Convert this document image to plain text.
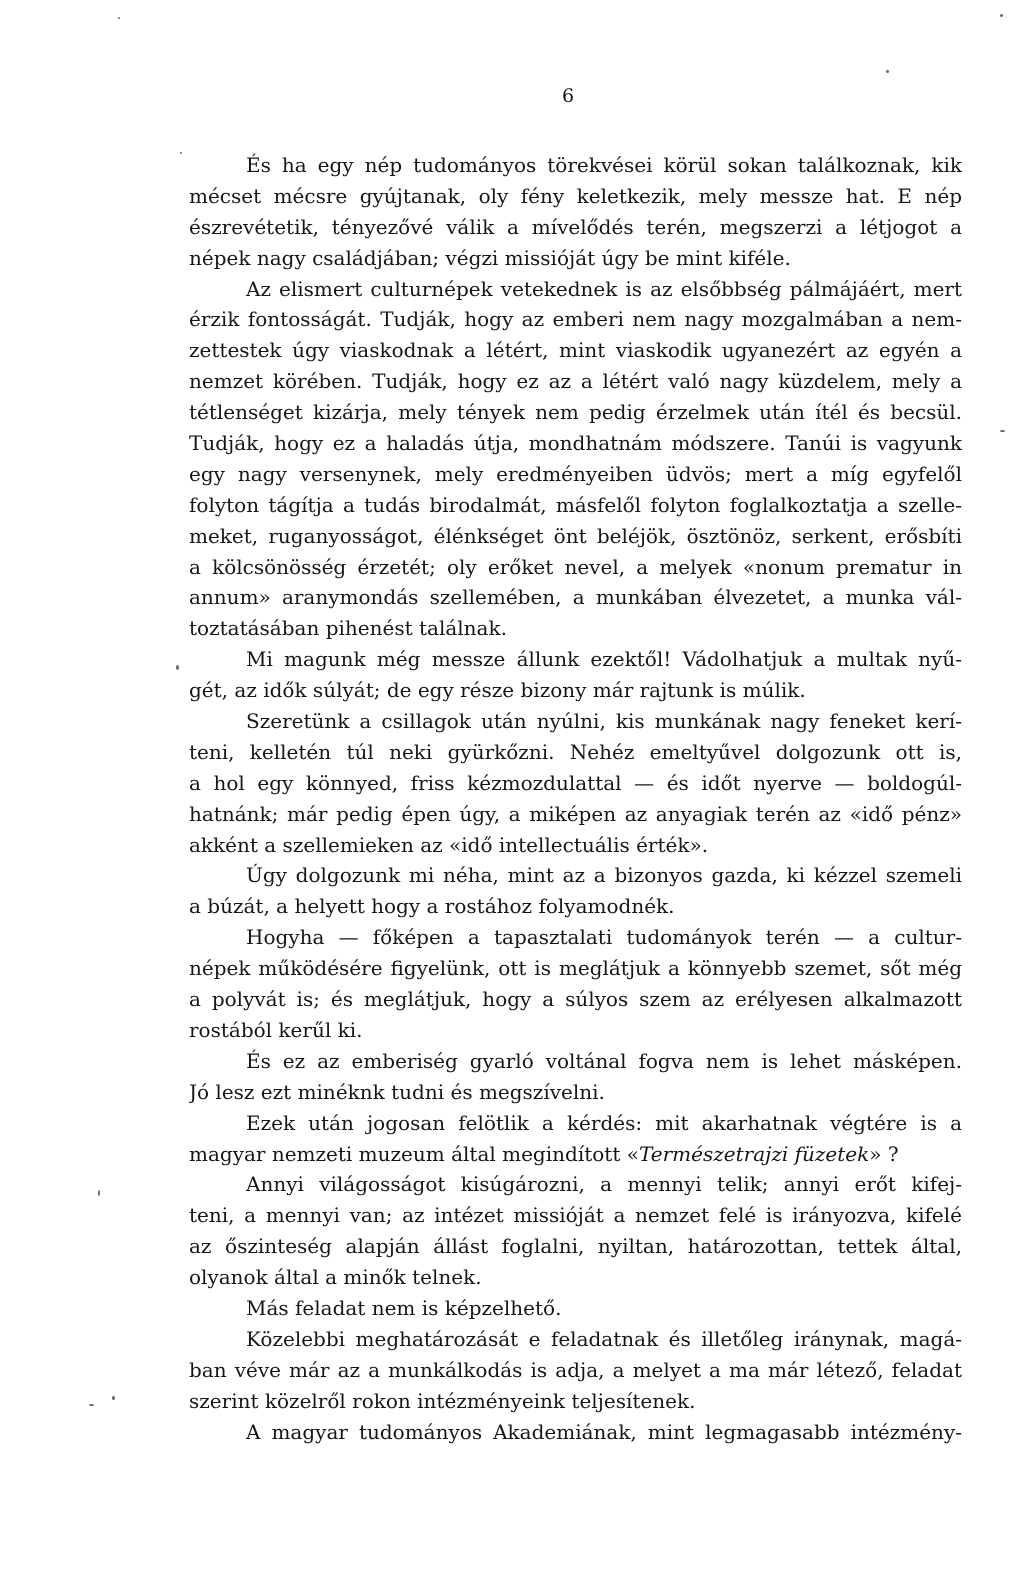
6
És ha egy nép tudományos törekvései körül sokan találkoznak, kik
mécset mécsre gyújtanak, oly fény keletkezik, mely messze hat. E nép
észrevétetik, tényezővé válik a mívelődés terén, megszerzi a létjogot a
népek nagy családjában; végzi missióját úgy be mint kiféle.
Az elismert culturnépek vetekednek is az elsőbbség pálmájáért, mert
érzik fontosságát. Tudják, hogy az emberi nem nagy mozgalmában a nem-
zettestek úgy viaskodnak a létért, mint viaskodik ugyanezért az egyén a
nemzet körében. Tudják, hogy ez az a létért való nagy küzdelem, mely a
tétlenséget kizárja, mely tények nem pedig érzelmek után ítél és becsül.
Tudják, hogy ez a haladás útja, mondhatnám módszere. Tanúi is vagyunk
egy nagy versenynek, mely eredményeiben üdvös; mert a míg egyfelől
folyton tágítja a tudás birodalmát, másfelől folyton foglalkoztatja a szelle-
meket, ruganyosságot, élénkséget önt beléjök, ösztönöz, serkent, erősbíti
a kölcsönösség érzetét; oly erőket nevel, a melyek «nonum prematur in
annum» aranymondás szellemében, a munkában élvezetet, a munka vál-
toztatásában pihenést találnak.
Mi magunk még messze állunk ezektől! Vádolhatjuk a multak nyű-
gét, az idők súlyát; de egy része bizony már rajtunk is múlik.
Szeretünk a csillagok után nyúlni, kis munkának nagy feneket kerí-
teni, kelletén túl neki gyürkőzni. Nehéz emeltyűvel dolgozunk ott is,
a hol egy könnyed, friss kézmozdulattal — és időt nyerve — boldogúl-
hatnánk; már pedig épen úgy, a miképen az anyagiak terén az «idő pénz»
akként a szellemieken az «idő intellectuális érték».
Úgy dolgozunk mi néha, mint az a bizonyos gazda, ki kézzel szemeli
a búzát, a helyett hogy a rostához folyamodnék.
Hogyha — főképen a tapasztalati tudományok terén — a cultur-
népek működésére figyelünk, ott is meglátjuk a könnyebb szemet, sőt még
a polyvát is; és meglátjuk, hogy a súlyos szem az erélyesen alkalmazott
rostából kerűl ki.
És ez az emberiség gyarló voltánal fogva nem is lehet másképen.
Jó lesz ezt minéknk tudni és megszívelni.
Ezek után jogosan felötlik a kérdés: mit akarhatnak végtére is a
magyar nemzeti muzeum által megindított «Természetrajzi füzetek» ?
Annyi világosságot kisúgározni, a mennyi telik; annyi erőt kifej-
teni, a mennyi van; az intézet missióját a nemzet felé is irányozva, kifelé
az őszinteség alapján állást foglalni, nyiltan, határozottan, tettek által,
olyanok által a minők telnek.
Más feladat nem is képzelhető.
Közelebbi meghatározását e feladatnak és illetőleg iránynak, magá-
ban véve már az a munkálkodás is adja, a melyet a ma már létező, feladat
szerint közelről rokon intézményeink teljesítenek.
A magyar tudományos Akademiának, mint legmagasabb intézmény-
